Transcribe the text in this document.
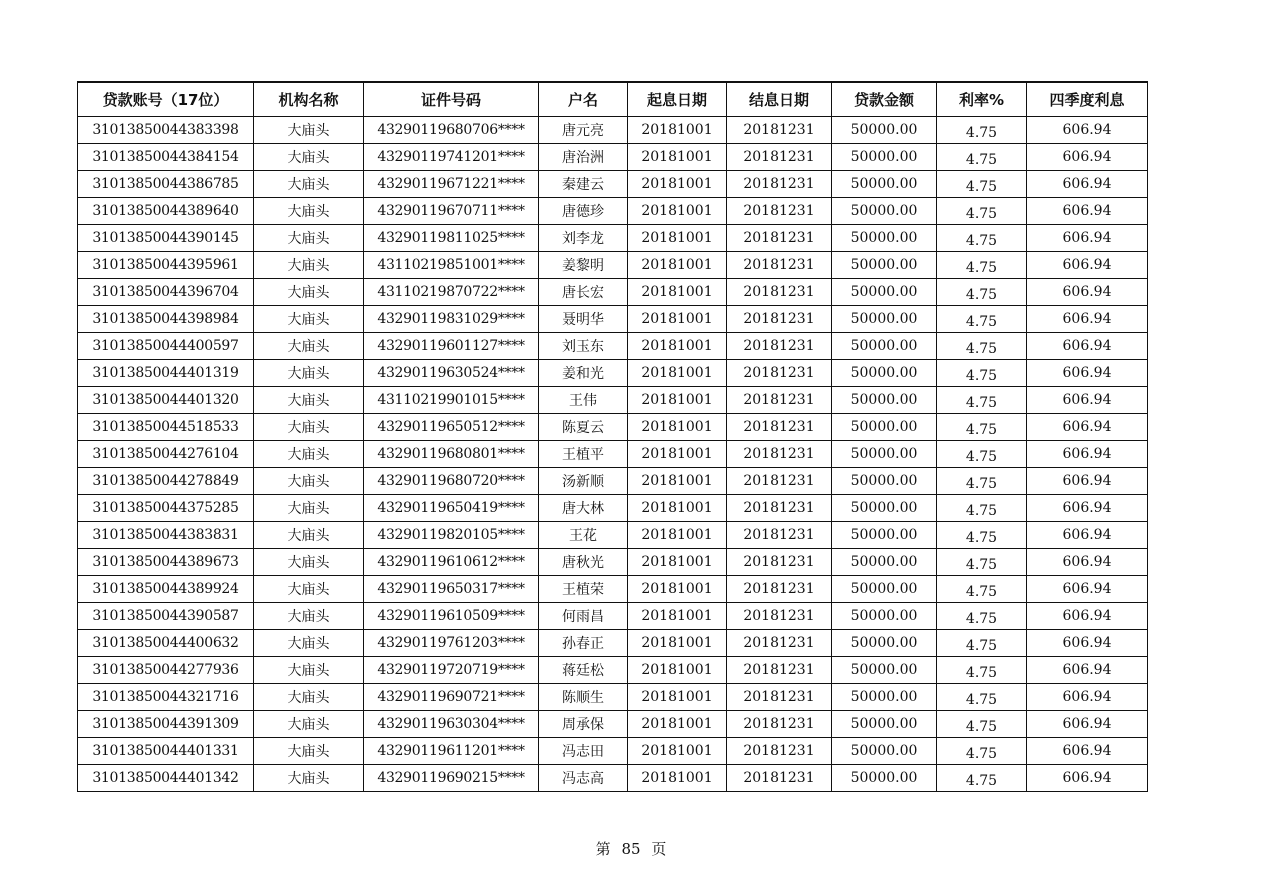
贷款账号（17位）	机构名称	证件号码	户名	起息日期	结息日期	贷款金额	利率%	四季度利息
31013850044383398	大庙头	43290119680706****	唐元亮	20181001	20181231	50000.00	4.75	606.94
31013850044384154	大庙头	43290119741201****	唐治洲	20181001	20181231	50000.00	4.75	606.94
31013850044386785	大庙头	43290119671221****	秦建云	20181001	20181231	50000.00	4.75	606.94
31013850044389640	大庙头	43290119670711****	唐德珍	20181001	20181231	50000.00	4.75	606.94
31013850044390145	大庙头	43290119811025****	刘李龙	20181001	20181231	50000.00	4.75	606.94
31013850044395961	大庙头	43110219851001****	姜黎明	20181001	20181231	50000.00	4.75	606.94
31013850044396704	大庙头	43110219870722****	唐长宏	20181001	20181231	50000.00	4.75	606.94
31013850044398984	大庙头	43290119831029****	聂明华	20181001	20181231	50000.00	4.75	606.94
31013850044400597	大庙头	43290119601127****	刘玉东	20181001	20181231	50000.00	4.75	606.94
31013850044401319	大庙头	43290119630524****	姜和光	20181001	20181231	50000.00	4.75	606.94
31013850044401320	大庙头	43110219901015****	王伟	20181001	20181231	50000.00	4.75	606.94
31013850044518533	大庙头	43290119650512****	陈夏云	20181001	20181231	50000.00	4.75	606.94
31013850044276104	大庙头	43290119680801****	王植平	20181001	20181231	50000.00	4.75	606.94
31013850044278849	大庙头	43290119680720****	汤新顺	20181001	20181231	50000.00	4.75	606.94
31013850044375285	大庙头	43290119650419****	唐大林	20181001	20181231	50000.00	4.75	606.94
31013850044383831	大庙头	43290119820105****	王花	20181001	20181231	50000.00	4.75	606.94
31013850044389673	大庙头	43290119610612****	唐秋光	20181001	20181231	50000.00	4.75	606.94
31013850044389924	大庙头	43290119650317****	王植荣	20181001	20181231	50000.00	4.75	606.94
31013850044390587	大庙头	43290119610509****	何雨昌	20181001	20181231	50000.00	4.75	606.94
31013850044400632	大庙头	43290119761203****	孙春正	20181001	20181231	50000.00	4.75	606.94
31013850044277936	大庙头	43290119720719****	蒋廷松	20181001	20181231	50000.00	4.75	606.94
31013850044321716	大庙头	43290119690721****	陈顺生	20181001	20181231	50000.00	4.75	606.94
31013850044391309	大庙头	43290119630304****	周承保	20181001	20181231	50000.00	4.75	606.94
31013850044401331	大庙头	43290119611201****	冯志田	20181001	20181231	50000.00	4.75	606.94
31013850044401342	大庙头	43290119690215****	冯志高	20181001	20181231	50000.00	4.75	606.94
第 85 页
